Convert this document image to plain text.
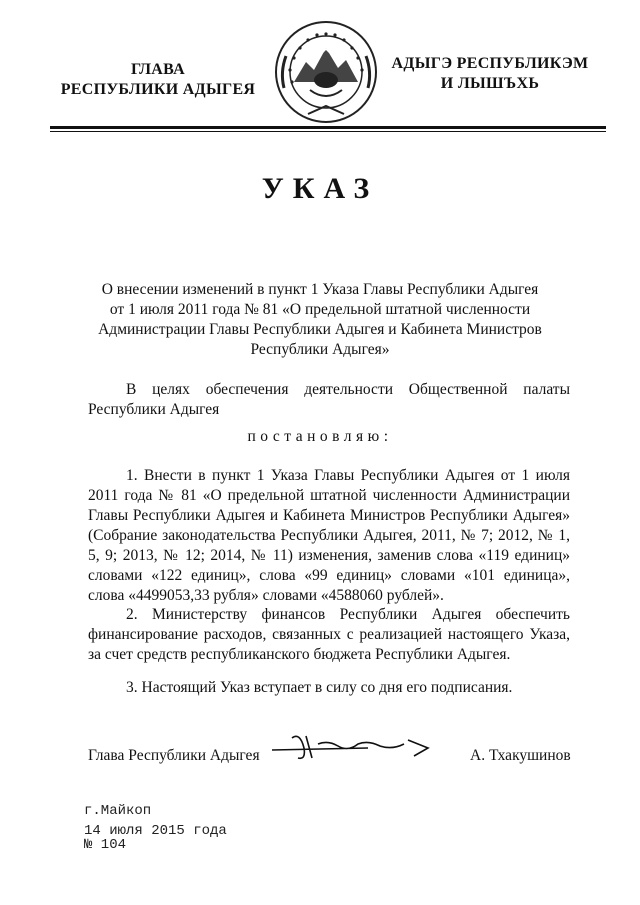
ГЛАВА
РЕСПУБЛИКИ АДЫГЕЯ
АДЫГЭ РЕСПУБЛИКЭМ
И ЛЫШЪХЬ
УКАЗ
О внесении изменений в пункт 1 Указа Главы Республики Адыгея
от 1 июля 2011 года № 81 «О предельной штатной численности
Администрации Главы Республики Адыгея и Кабинета Министров
Республики Адыгея»
В целях обеспечения деятельности Общественной палаты Республики Адыгея
постановляю:
1. Внести в пункт 1 Указа Главы Республики Адыгея от 1 июля 2011 года № 81 «О предельной штатной численности Администрации Главы Республики Адыгея и Кабинета Министров Республики Адыгея» (Собрание законодательства Республики Адыгея, 2011, № 7; 2012, № 1, 5, 9; 2013, № 12; 2014, № 11) изменения, заменив слова «119 единиц» словами «122 единиц», слова «99 единиц» словами «101 единица», слова «4499053,33 рубля» словами «4588060 рублей».
2. Министерству финансов Республики Адыгея обеспечить финансирование расходов, связанных с реализацией настоящего Указа, за счет средств республиканского бюджета Республики Адыгея.
3. Настоящий Указ вступает в силу со дня его подписания.
Глава Республики Адыгея	А. Тхакушинов
г.Майкоп
14 июля 2015 года
№ 104
